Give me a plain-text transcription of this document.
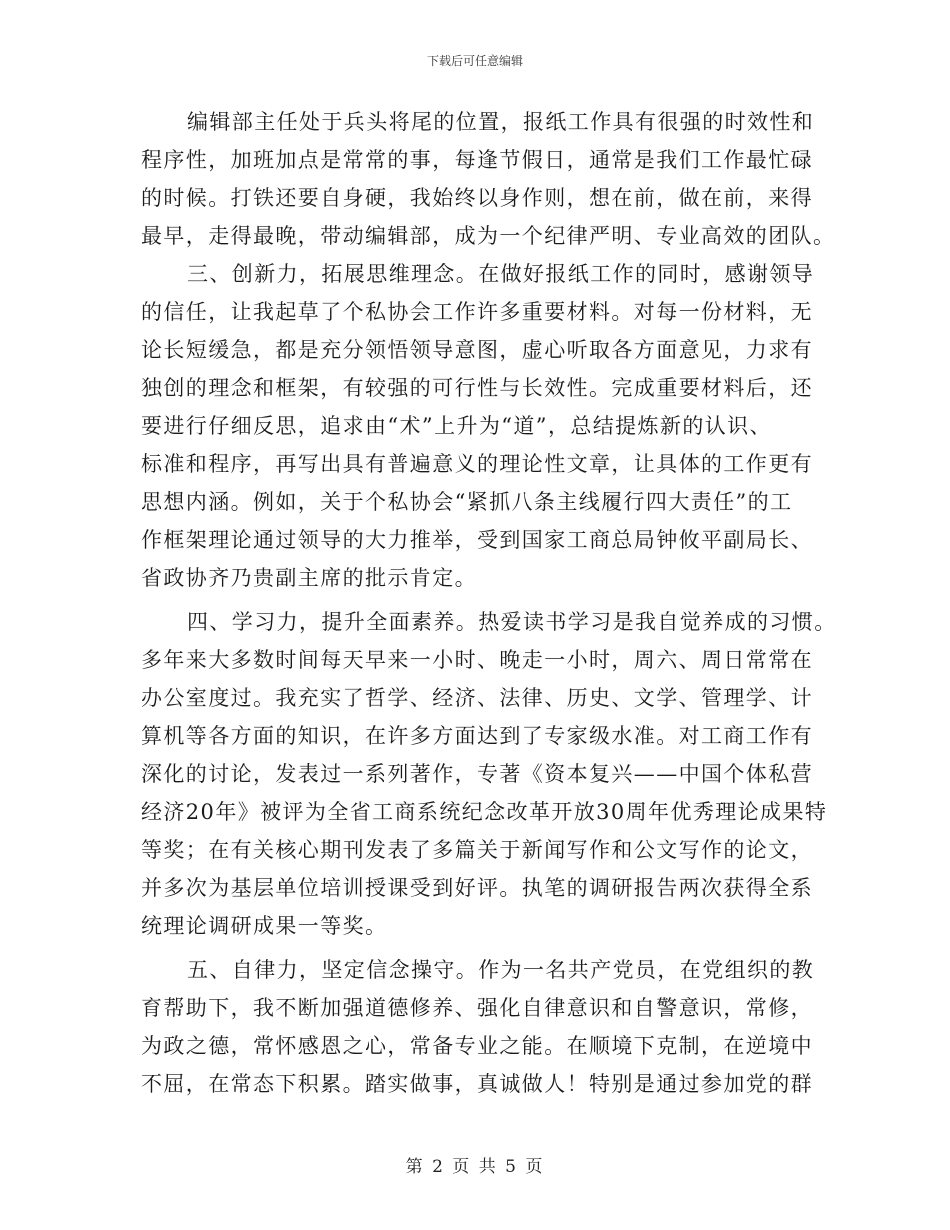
下载后可任意编辑
编辑部主任处于兵头将尾的位置，报纸工作具有很强的时效性和
程序性，加班加点是常常的事，每逢节假日，通常是我们工作最忙碌
的时候。打铁还要自身硬，我始终以身作则，想在前，做在前，来得
最早，走得最晚，带动编辑部，成为一个纪律严明、专业高效的团队。
三、创新力，拓展思维理念。在做好报纸工作的同时，感谢领导
的信任，让我起草了个私协会工作许多重要材料。对每一份材料，无
论长短缓急，都是充分领悟领导意图，虚心听取各方面意见，力求有
独创的理念和框架，有较强的可行性与长效性。完成重要材料后，还
要进行仔细反思，追求由“术”上升为“道”，总结提炼新的认识、
标准和程序，再写出具有普遍意义的理论性文章，让具体的工作更有
思想内涵。例如，关于个私协会“紧抓八条主线履行四大责任”的工
作框架理论通过领导的大力推举，受到国家工商总局钟攸平副局长、
省政协齐乃贵副主席的批示肯定。
四、学习力，提升全面素养。热爱读书学习是我自觉养成的习惯。
多年来大多数时间每天早来一小时、晚走一小时，周六、周日常常在
办公室度过。我充实了哲学、经济、法律、历史、文学、管理学、计
算机等各方面的知识，在许多方面达到了专家级水准。对工商工作有
深化的讨论，发表过一系列著作，专著《资本复兴——中国个体私营
经济20年》被评为全省工商系统纪念改革开放30周年优秀理论成果特
等奖；在有关核心期刊发表了多篇关于新闻写作和公文写作的论文，
并多次为基层单位培训授课受到好评。执笔的调研报告两次获得全系
统理论调研成果一等奖。
五、自律力，坚定信念操守。作为一名共产党员，在党组织的教
育帮助下，我不断加强道德修养、强化自律意识和自警意识，常修，
为政之德，常怀感恩之心，常备专业之能。在顺境下克制，在逆境中
不屈，在常态下积累。踏实做事，真诚做人！特别是通过参加党的群
第 2 页 共 5 页
